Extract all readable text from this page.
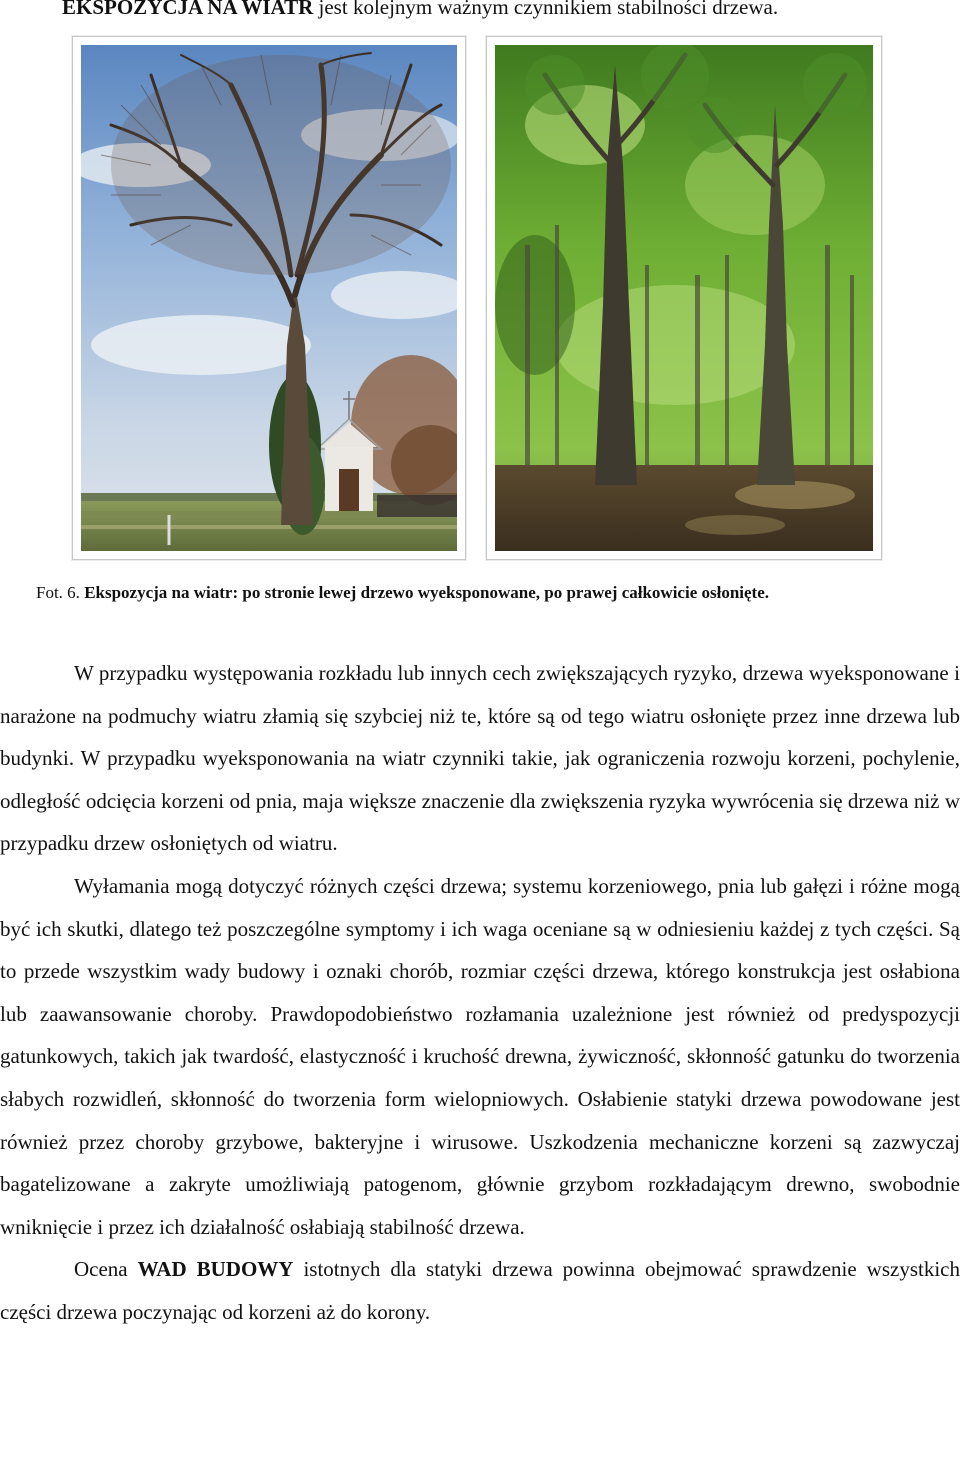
EKSPOZYCJA NA WIATR jest kolejnym ważnym czynnikiem stabilności drzewa.
Fot. 6. Ekspozycja na wiatr: po stronie lewej drzewo wyeksponowane, po prawej całkowicie osłonięte.

W przypadku występowania rozkładu lub innych cech zwiększających ryzyko, drzewa wyeksponowane i narażone na podmuchy wiatru złamią się szybciej niż te, które są od tego wiatru osłonięte przez inne drzewa lub budynki. W przypadku wyeksponowania na wiatr czynniki takie, jak ograniczenia rozwoju korzeni, pochylenie, odległość odcięcia korzeni od pnia, maja większe znaczenie dla zwiększenia ryzyka wywrócenia się drzewa niż w przypadku drzew osłoniętych od wiatru.

Wyłamania mogą dotyczyć różnych części drzewa; systemu korzeniowego, pnia lub gałęzi i różne mogą być ich skutki, dlatego też poszczególne symptomy i ich waga oceniane są w odniesieniu każdej z tych części. Są to przede wszystkim wady budowy i oznaki chorób, rozmiar części drzewa, którego konstrukcja jest osłabiona lub zaawansowanie choroby. Prawdopodobieństwo rozłamania uzależnione jest również od predyspozycji gatunkowych, takich jak twardość, elastyczność i kruchość drewna, żywiczność, skłonność gatunku do tworzenia słabych rozwidleń, skłonność do tworzenia form wielopniowych. Osłabienie statyki drzewa powodowane jest również przez choroby grzybowe, bakteryjne i wirusowe. Uszkodzenia mechaniczne korzeni są zazwyczaj bagatelizowane a zakryte umożliwiają patogenom, głównie grzybom rozkładającym drewno, swobodnie wniknięcie i przez ich działalność osłabiają stabilność drzewa.

Ocena WAD BUDOWY istotnych dla statyki drzewa powinna obejmować sprawdzenie wszystkich części drzewa poczynając od korzeni aż do korony.
